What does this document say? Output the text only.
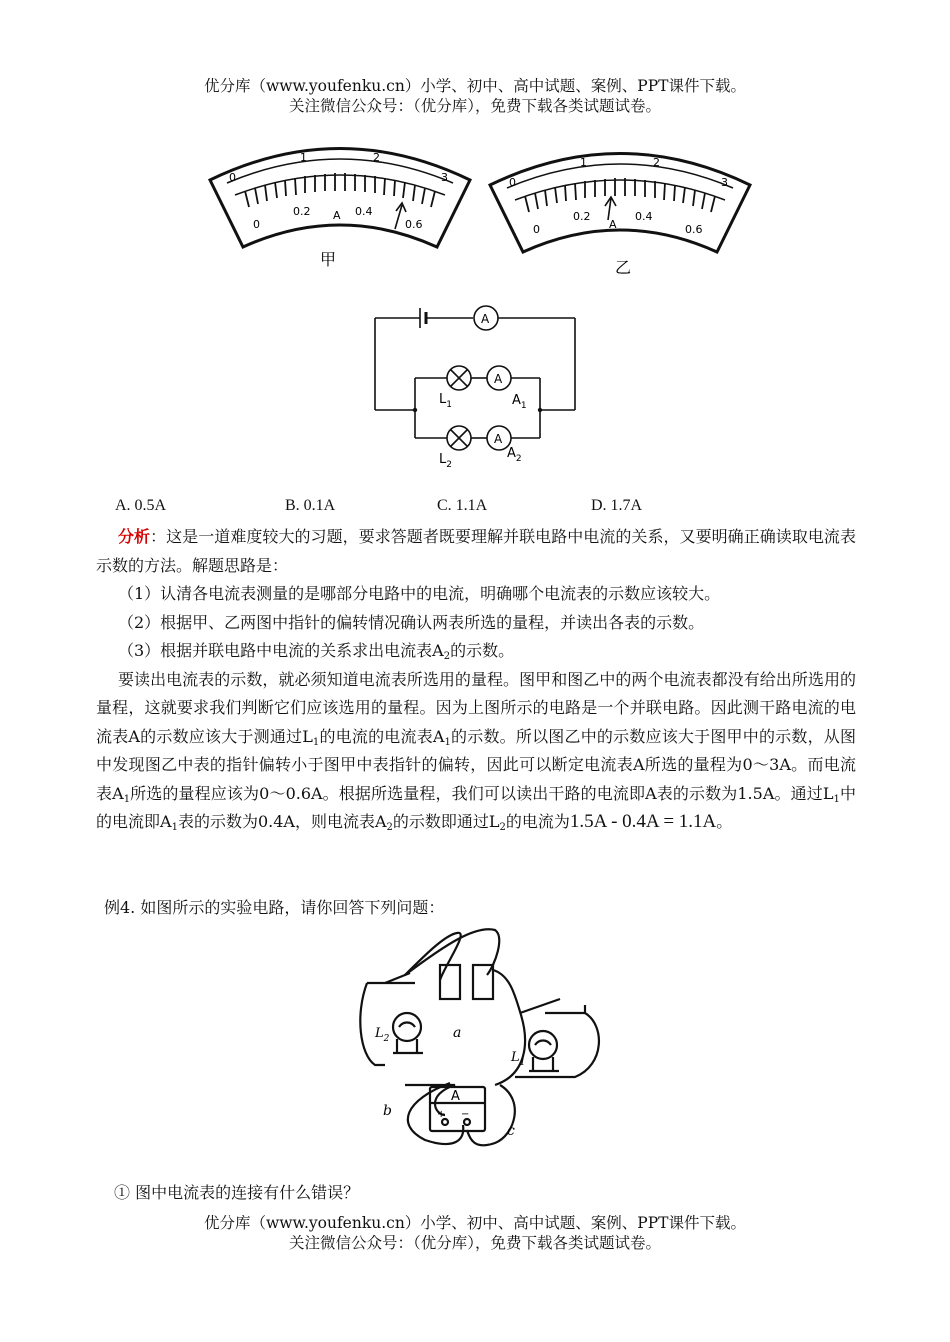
优分库（www.youfenku.cn）小学、初中、高中试题、案例、PPT课件下载。
关注微信公众号：（优分库），免费下载各类试题试卷。
0
1	2
3
0
0.2	0.4
0.6
A
甲
0
1	2
3
0
0.2	0.4
0.6
A
乙
A
A
A
$L_1$	$A_1$
$L_2$
$A_2$
A. 0.5A	B. 0.1A	C. 1.1A	D. 1.7A

分析：这是一道难度较大的习题，要求答题者既要理解并联电路中电流的关系，又要明确正确读取电流表示数的方法。解题思路是：

（1）认清各电流表测量的是哪部分电路中的电流，明确哪个电流表的示数应该较大。

（2）根据甲、乙两图中指针的偏转情况确认两表所选的量程，并读出各表的示数。

（3）根据并联电路中电流的关系求出电流表$A_2$的示数。

要读出电流表的示数，就必须知道电流表所选用的量程。图甲和图乙中的两个电流表都没有给出所选用的量程，这就要求我们判断它们应该选用的量程。因为上图所示的电路是一个并联电路。因此测干路电流的电流表A的示数应该大于测通过$L_1$的电流的电流表$A_1$的示数。所以图乙中的示数应该大于图甲中的示数，从图中发现图乙中表的指针偏转小于图甲中表指针的偏转，因此可以断定电流表A所选的量程为0～3A。而电流表$A_1$所选的量程应该为0～0.6A。根据所选量程，我们可以读出干路的电流即A表的示数为1.5A。通过$L_1$中的电流即$A_1$表的示数为0.4A，则电流表$A_2$的示数即通过$L_2$的电流为1.5A - 0.4A = 1.1A。

例4. 如图所示的实验电路，请你回答下列问题：
$L_2$
$L_1$
a
b
c
A
+ −
① 图中电流表的连接有什么错误？
优分库（www.youfenku.cn）小学、初中、高中试题、案例、PPT课件下载。
关注微信公众号：（优分库），免费下载各类试题试卷。
